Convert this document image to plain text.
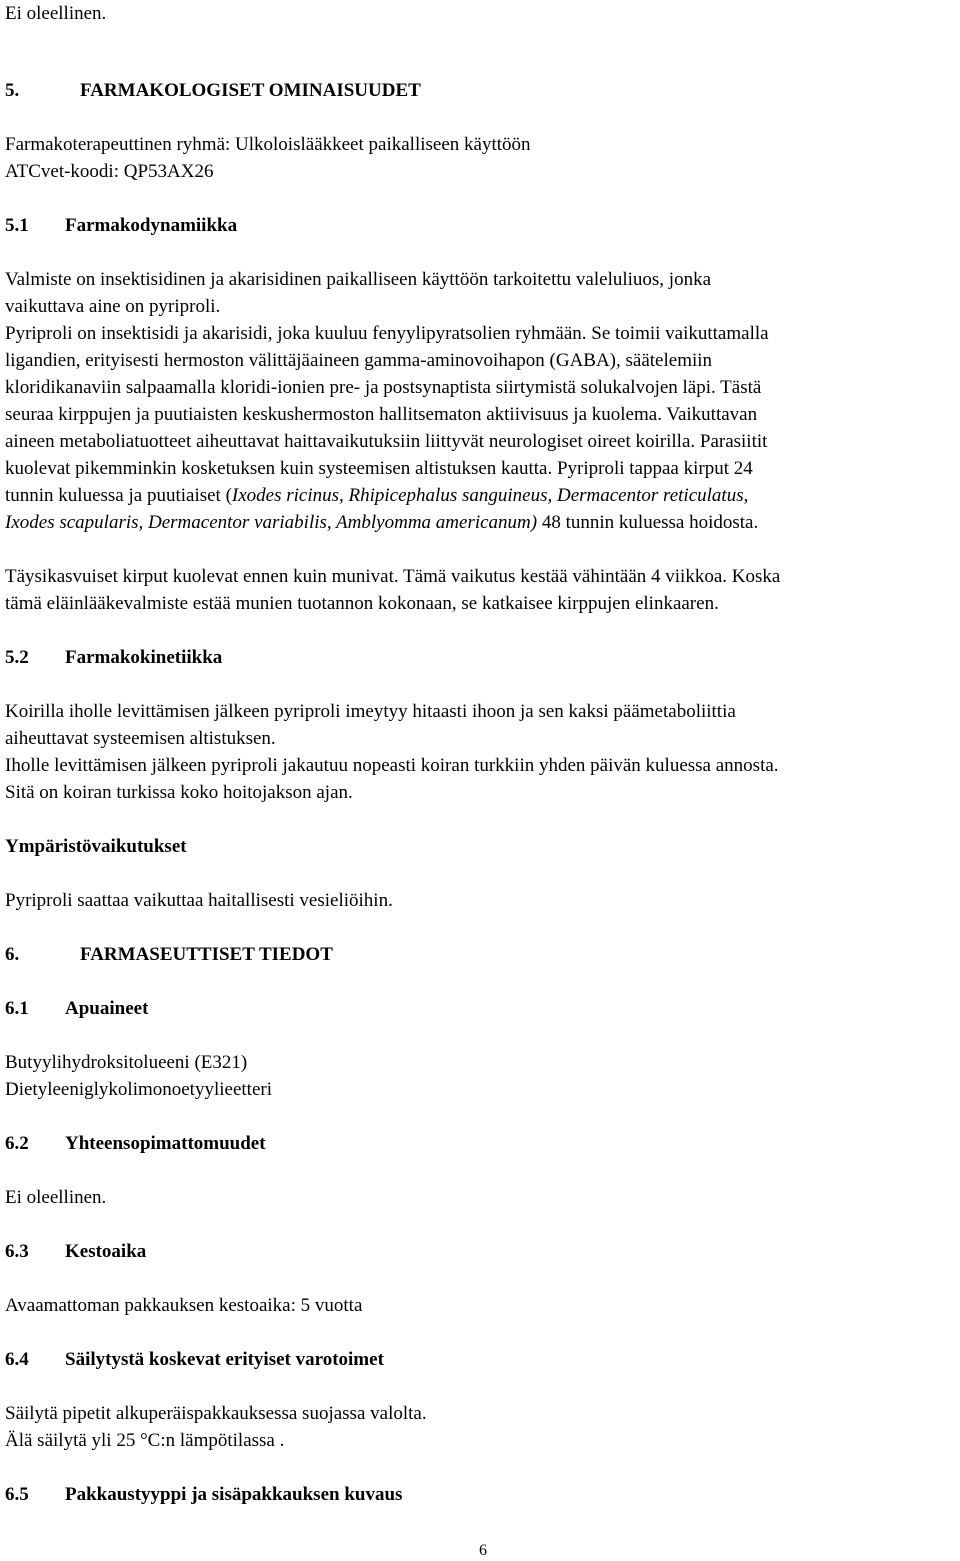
Ei oleellinen.
5.	FARMAKOLOGISET OMINAISUUDET
Farmakoterapeuttinen ryhmä: Ulkoloislääkkeet paikalliseen käyttöön
ATCvet-koodi: QP53AX26
5.1 Farmakodynamiikka
Valmiste on insektisidinen ja akarisidinen paikalliseen käyttöön tarkoitettu valeluliuos, jonka
vaikuttava aine on pyriproli.
Pyriproli on insektisidi ja akarisidi, joka kuuluu fenyylipyratsolien ryhmään. Se toimii vaikuttamalla
ligandien, erityisesti hermoston välittäjäaineen gamma-aminovoihapon (GABA), säätelemiin
kloridikanaviin salpaamalla kloridi-ionien pre- ja postsynaptista siirtymistä solukalvojen läpi. Tästä
seuraa kirppujen ja puutiaisten keskushermoston hallitsematon aktiivisuus ja kuolema. Vaikuttavan
aineen metaboliatuotteet aiheuttavat haittavaikutuksiin liittyvät neurologiset oireet koirilla. Parasiitit
kuolevat pikemminkin kosketuksen kuin systeemisen altistuksen kautta. Pyriproli tappaa kirput 24
tunnin kuluessa ja puutiaiset (Ixodes ricinus, Rhipicephalus sanguineus, Dermacentor reticulatus,
Ixodes scapularis, Dermacentor variabilis, Amblyomma americanum) 48 tunnin kuluessa hoidosta.
Täysikasvuiset kirput kuolevat ennen kuin munivat. Tämä vaikutus kestää vähintään 4 viikkoa. Koska
tämä eläinlääkevalmiste estää munien tuotannon kokonaan, se katkaisee kirppujen elinkaaren.
5.2 Farmakokinetiikka
Koirilla iholle levittämisen jälkeen pyriproli imeytyy hitaasti ihoon ja sen kaksi päämetaboliittia
aiheuttavat systeemisen altistuksen.
Iholle levittämisen jälkeen pyriproli jakautuu nopeasti koiran turkkiin yhden päivän kuluessa annosta.
Sitä on koiran turkissa koko hoitojakson ajan.
Ympäristövaikutukset
Pyriproli saattaa vaikuttaa haitallisesti vesieliöihin.
6.	FARMASEUTTISET TIEDOT
6.1 Apuaineet
Butyylihydroksitolueeni (E321)
Dietyleeniglykolimonoetyylieetteri
6.2 Yhteensopimattomuudet
Ei oleellinen.
6.3 Kestoaika
Avaamattoman pakkauksen kestoaika: 5 vuotta
6.4 Säilytystä koskevat erityiset varotoimet
Säilytä pipetit alkuperäispakkauksessa suojassa valolta.
Älä säilytä yli 25 °C:n lämpötilassa .
6.5 Pakkaustyyppi ja sisäpakkauksen kuvaus
6
